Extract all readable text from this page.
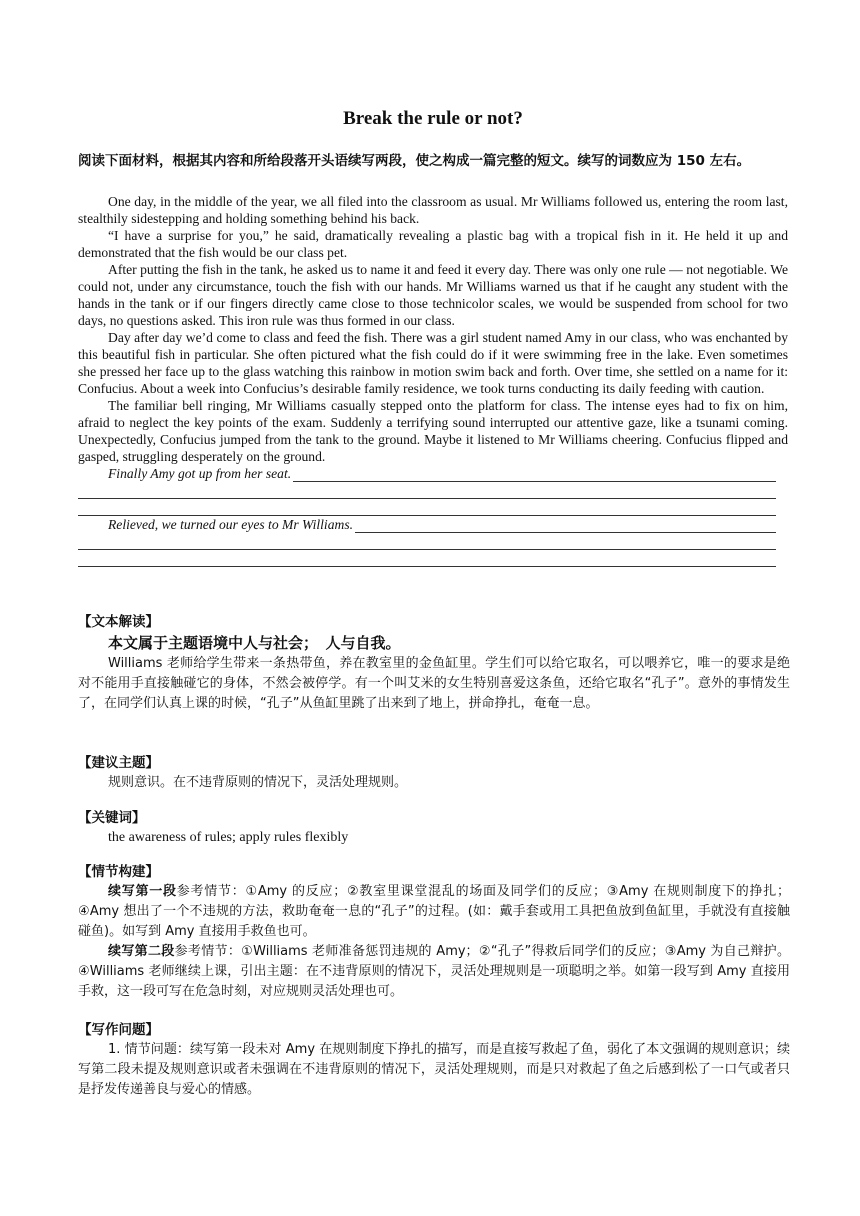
Break the rule or not?
阅读下面材料，根据其内容和所给段落开头语续写两段，使之构成一篇完整的短文。续写的词数应为 150 左右。

One day, in the middle of the year, we all filed into the classroom as usual. Mr Williams followed us, entering the room last, stealthily sidestepping and holding something behind his back.

“I have a surprise for you,” he said, dramatically revealing a plastic bag with a tropical fish in it. He held it up and demonstrated that the fish would be our class pet.

After putting the fish in the tank, he asked us to name it and feed it every day. There was only one rule — not negotiable. We could not, under any circumstance, touch the fish with our hands. Mr Williams warned us that if he caught any student with the hands in the tank or if our fingers directly came close to those technicolor scales, we would be suspended from school for two days, no questions asked. This iron rule was thus formed in our class.

Day after day we’d come to class and feed the fish. There was a girl student named Amy in our class, who was enchanted by this beautiful fish in particular. She often pictured what the fish could do if it were swimming free in the lake. Even sometimes she pressed her face up to the glass watching this rainbow in motion swim back and forth. Over time, she settled on a name for it: Confucius. About a week into Confucius’s desirable family residence, we took turns conducting its daily feeding with caution.

The familiar bell ringing, Mr Williams casually stepped onto the platform for class. The intense eyes had to fix on him, afraid to neglect the key points of the exam. Suddenly a terrifying sound interrupted our attentive gaze, like a tsunami coming. Unexpectedly, Confucius jumped from the tank to the ground. Maybe it listened to Mr Williams cheering. Confucius flipped and gasped, struggling desperately on the ground.

Finally Amy got up from her seat.
Relieved, we turned our eyes to Mr Williams.

【文本解读】

本文属于主题语境中人与社会；　人与自我。

Williams 老师给学生带来一条热带鱼，养在教室里的金鱼缸里。学生们可以给它取名，可以喂养它，唯一的要求是绝对不能用手直接触碰它的身体，不然会被停学。有一个叫艾米的女生特别喜爱这条鱼，还给它取名“孔子”。意外的事情发生了，在同学们认真上课的时候，“孔子”从鱼缸里跳了出来到了地上，拼命挣扎，奄奄一息。

【建议主题】

规则意识。在不违背原则的情况下，灵活处理规则。

【关键词】

the awareness of rules; apply rules flexibly

【情节构建】

续写第一段参考情节：①Amy 的反应；②教室里课堂混乱的场面及同学们的反应；③Amy 在规则制度下的挣扎；④Amy 想出了一个不违规的方法，救助奄奄一息的“孔子”的过程。(如：戴手套或用工具把鱼放到鱼缸里，手就没有直接触碰鱼)。如写到 Amy 直接用手救鱼也可。

续写第二段参考情节：①Williams 老师准备惩罚违规的 Amy；②“孔子”得救后同学们的反应；③Amy 为自己辩护。④Williams 老师继续上课，引出主题：在不违背原则的情况下，灵活处理规则是一项聪明之举。如第一段写到 Amy 直接用手救，这一段可写在危急时刻，对应规则灵活处理也可。

【写作问题】

1. 情节问题：续写第一段未对 Amy 在规则制度下挣扎的描写，而是直接写救起了鱼，弱化了本文强调的规则意识；续写第二段未提及规则意识或者未强调在不违背原则的情况下，灵活处理规则，而是只对救起了鱼之后感到松了一口气或者只是抒发传递善良与爱心的情感。
